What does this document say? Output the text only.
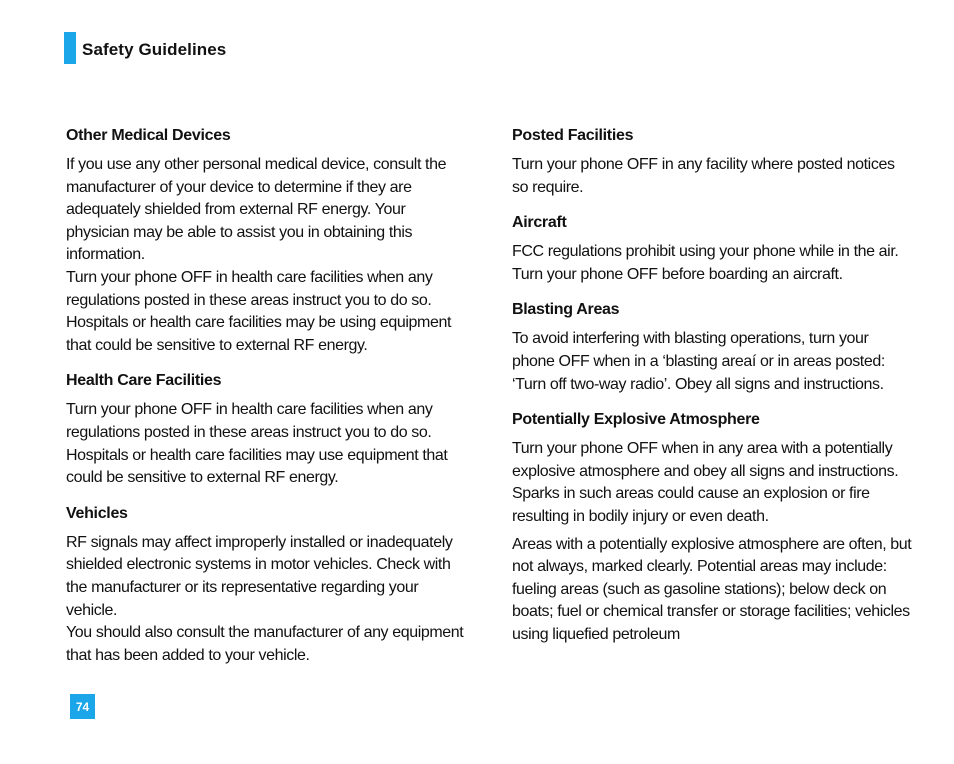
Safety Guidelines
Other Medical Devices

If you use any other personal medical device, consult the manufacturer of your device to determine if they are adequately shielded from external RF energy. Your physician may be able to assist you in obtaining this information.

Turn your phone OFF in health care facilities when any regulations posted in these areas instruct you to do so. Hospitals or health care facilities may be using equipment that could be sensitive to external RF energy.

Health Care Facilities

Turn your phone OFF in health care facilities when any regulations posted in these areas instruct you to do so. Hospitals or health care facilities may use equipment that could be sensitive to external RF energy.

Vehicles

RF signals may affect improperly installed or inadequately shielded electronic systems in motor vehicles. Check with the manufacturer or its representative regarding your vehicle.

You should also consult the manufacturer of any equipment that has been added to your vehicle.

Posted Facilities

Turn your phone OFF in any facility where posted notices so require.

Aircraft

FCC regulations prohibit using your phone while in the air. Turn your phone OFF before boarding an aircraft.

Blasting Areas

To avoid interfering with blasting operations, turn your phone OFF when in a ‘blasting areaí or in areas posted: ‘Turn off two-way radio’. Obey all signs and instructions.

Potentially Explosive Atmosphere

Turn your phone OFF when in any area with a potentially explosive atmosphere and obey all signs and instructions. Sparks in such areas could cause an explosion or fire resulting in bodily injury or even death.

Areas with a potentially explosive atmosphere are often, but not always, marked clearly. Potential areas may include: fueling areas (such as gasoline stations); below deck on boats; fuel or chemical transfer or storage facilities; vehicles using liquefied petroleum

74
